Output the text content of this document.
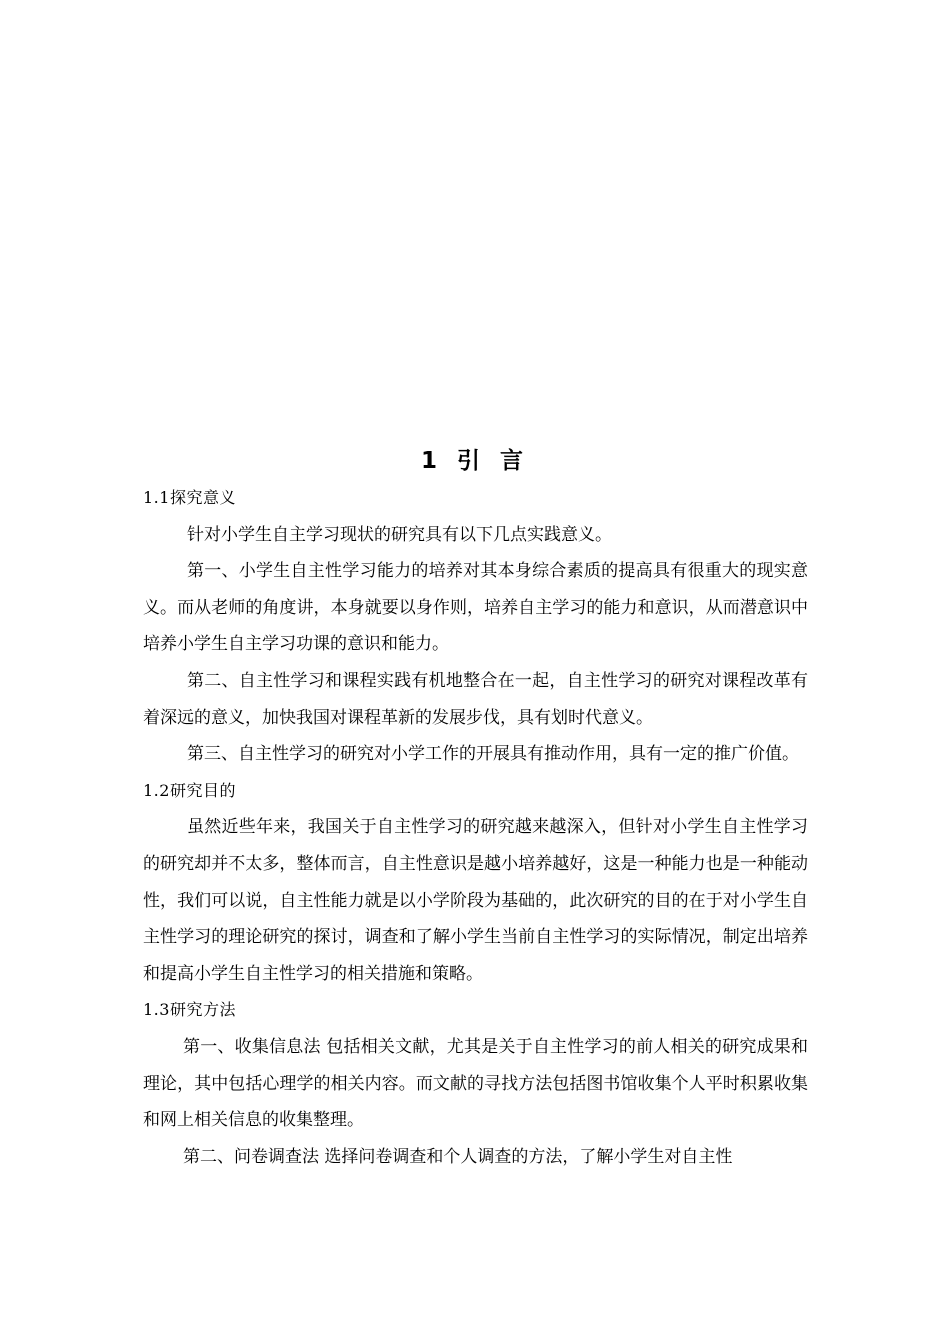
1 引 言

1.1探究意义

针对小学生自主学习现状的研究具有以下几点实践意义。

第一、小学生自主性学习能力的培养对其本身综合素质的提高具有很重大的现实意义。而从老师的角度讲，本身就要以身作则，培养自主学习的能力和意识，从而潜意识中培养小学生自主学习功课的意识和能力。

第二、自主性学习和课程实践有机地整合在一起，自主性学习的研究对课程改革有着深远的意义，加快我国对课程革新的发展步伐，具有划时代意义。

第三、自主性学习的研究对小学工作的开展具有推动作用，具有一定的推广价值。

1.2研究目的

虽然近些年来，我国关于自主性学习的研究越来越深入，但针对小学生自主性学习的研究却并不太多，整体而言，自主性意识是越小培养越好，这是一种能力也是一种能动性，我们可以说，自主性能力就是以小学阶段为基础的，此次研究的目的在于对小学生自主性学习的理论研究的探讨，调查和了解小学生当前自主性学习的实际情况，制定出培养和提高小学生自主性学习的相关措施和策略。

1.3研究方法

第一、收集信息法 包括相关文献，尤其是关于自主性学习的前人相关的研究成果和理论，其中包括心理学的相关内容。而文献的寻找方法包括图书馆收集个人平时积累收集和网上相关信息的收集整理。

第二、问卷调查法 选择问卷调查和个人调查的方法，了解小学生对自主性
